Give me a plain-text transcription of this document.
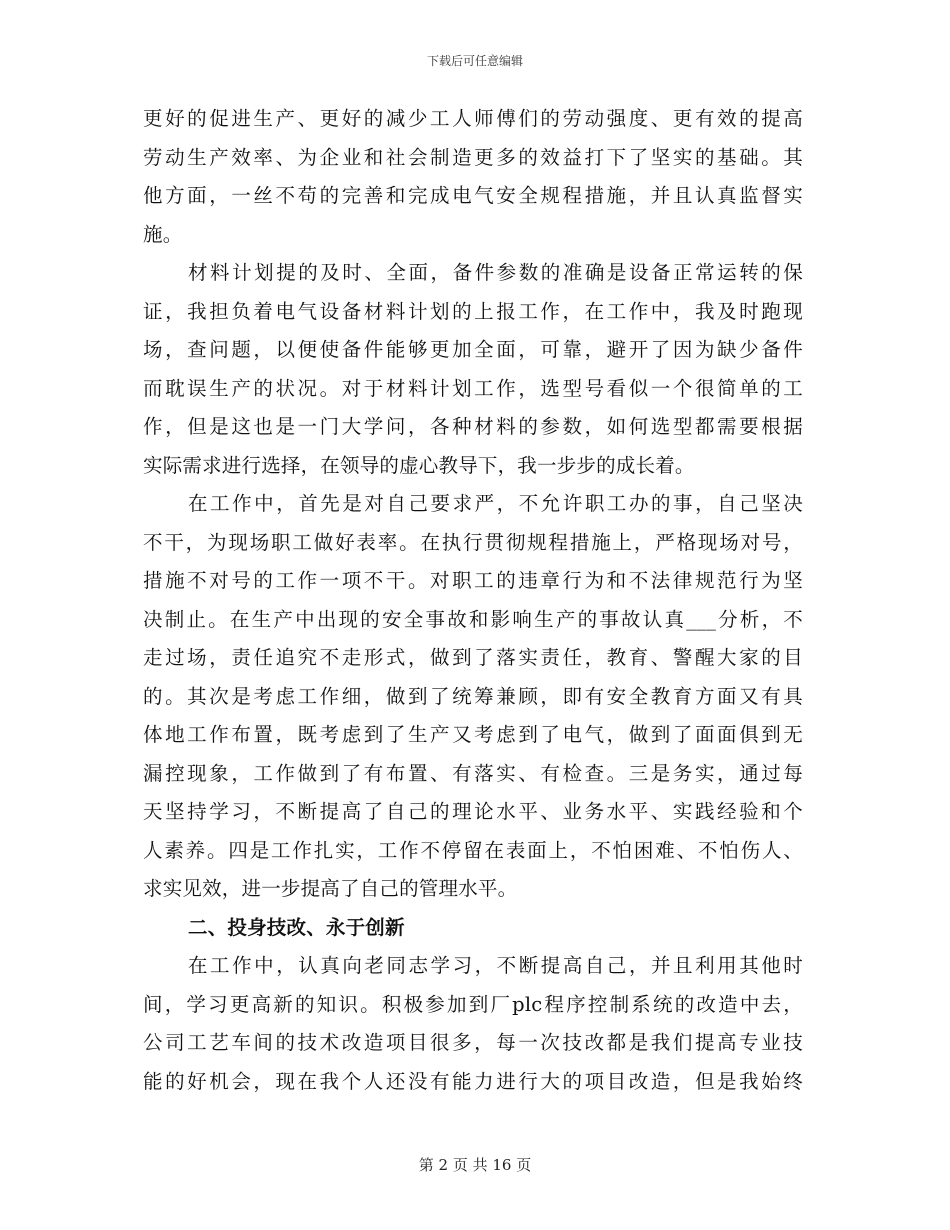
下载后可任意编辑
更好的促进生产、更好的减少工人师傅们的劳动强度、更有效的提高
劳动生产效率、为企业和社会制造更多的效益打下了坚实的基础。其
他方面，一丝不苟的完善和完成电气安全规程措施，并且认真监督实
施。
材料计划提的及时、全面，备件参数的准确是设备正常运转的保
证，我担负着电气设备材料计划的上报工作，在工作中，我及时跑现
场，查问题，以便使备件能够更加全面，可靠，避开了因为缺少备件
而耽误生产的状况。对于材料计划工作，选型号看似一个很简单的工
作，但是这也是一门大学问，各种材料的参数，如何选型都需要根据
实际需求进行选择，在领导的虚心教导下，我一步步的成长着。
在工作中，首先是对自己要求严，不允许职工办的事，自己坚决
不干，为现场职工做好表率。在执行贯彻规程措施上，严格现场对号，
措施不对号的工作一项不干。对职工的违章行为和不法律规范行为坚
决制止。在生产中出现的安全事故和影响生产的事故认真___分析，不
走过场，责任追究不走形式，做到了落实责任，教育、警醒大家的目
的。其次是考虑工作细，做到了统筹兼顾，即有安全教育方面又有具
体地工作布置，既考虑到了生产又考虑到了电气，做到了面面俱到无
漏控现象，工作做到了有布置、有落实、有检查。三是务实，通过每
天坚持学习，不断提高了自己的理论水平、业务水平、实践经验和个
人素养。四是工作扎实，工作不停留在表面上，不怕困难、不怕伤人、
求实见效，进一步提高了自己的管理水平。
二、投身技改、永于创新
在工作中，认真向老同志学习，不断提高自己，并且利用其他时
间，学习更高新的知识。积极参加到厂plc程序控制系统的改造中去，
公司工艺车间的技术改造项目很多，每一次技改都是我们提高专业技
能的好机会，现在我个人还没有能力进行大的项目改造，但是我始终
第 2 页 共 16 页
